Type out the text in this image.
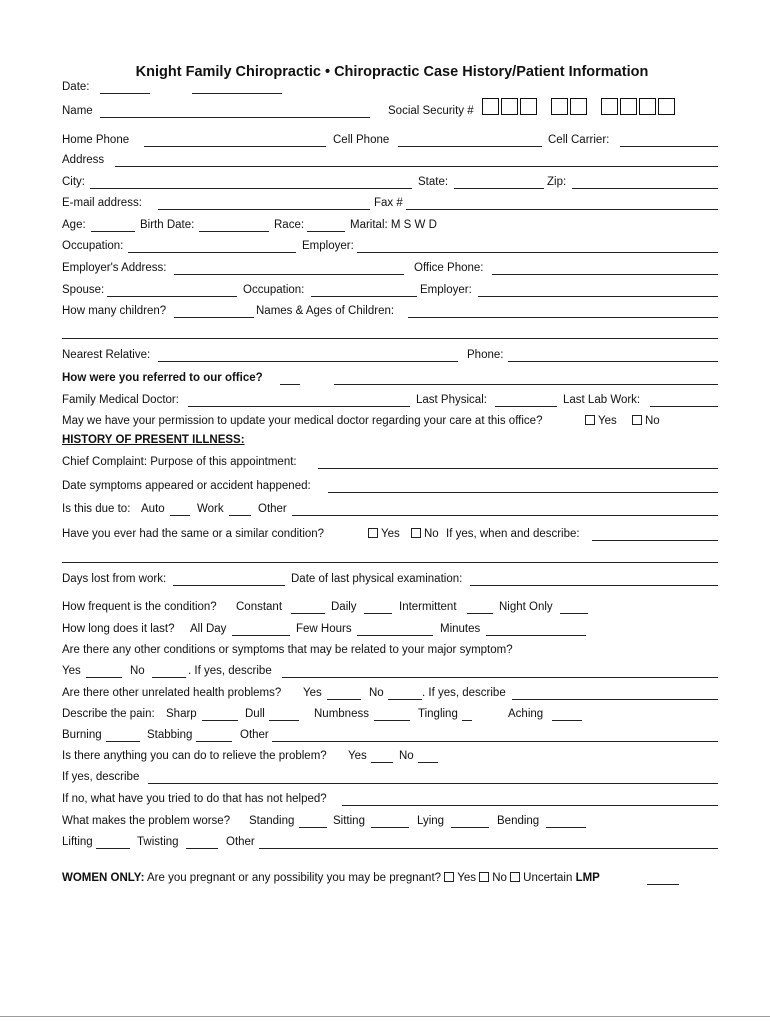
Knight Family Chiropractic • Chiropractic Case History/Patient Information
Date:
Name	Social Security #
Home Phone	Cell Phone	Cell Carrier:
Address
City:	State:	Zip:
E-mail address:	Fax #
Age:	Birth Date:	Race:	Marital: M S W D
Occupation:	Employer:
Employer's Address:	Office Phone:
Spouse:	Occupation:	Employer:
How many children?	Names & Ages of Children:
Nearest Relative:	Phone:
How were you referred to our office?
Family Medical Doctor:	Last Physical:	Last Lab Work:
May we have your permission to update your medical doctor regarding your care at this office?	Yes	No
HISTORY OF PRESENT ILLNESS:
Chief Complaint: Purpose of this appointment:
Date symptoms appeared or accident happened:
Is this due to: Auto	Work	Other
Have you ever had the same or a similar condition?	Yes	No If yes, when and describe:
Days lost from work:	Date of last physical examination:
How frequent is the condition? Constant	Daily	Intermittent	Night Only
How long does it last? All Day	Few Hours	Minutes
Are there any other conditions or symptoms that may be related to your major symptom?
Yes	No	. If yes, describe
Are there other unrelated health problems? Yes	No	. If yes, describe
Describe the pain: Sharp	Dull	Numbness	Tingling	Aching
Burning	Stabbing	Other
Is there anything you can do to relieve the problem? Yes	No
If yes, describe
If no, what have you tried to do that has not helped?
What makes the problem worse? Standing	Sitting	Lying	Bending
Lifting	Twisting	Other
WOMEN ONLY: Are you pregnant or any possibility you may be pregnant? Yes No Uncertain LMP
